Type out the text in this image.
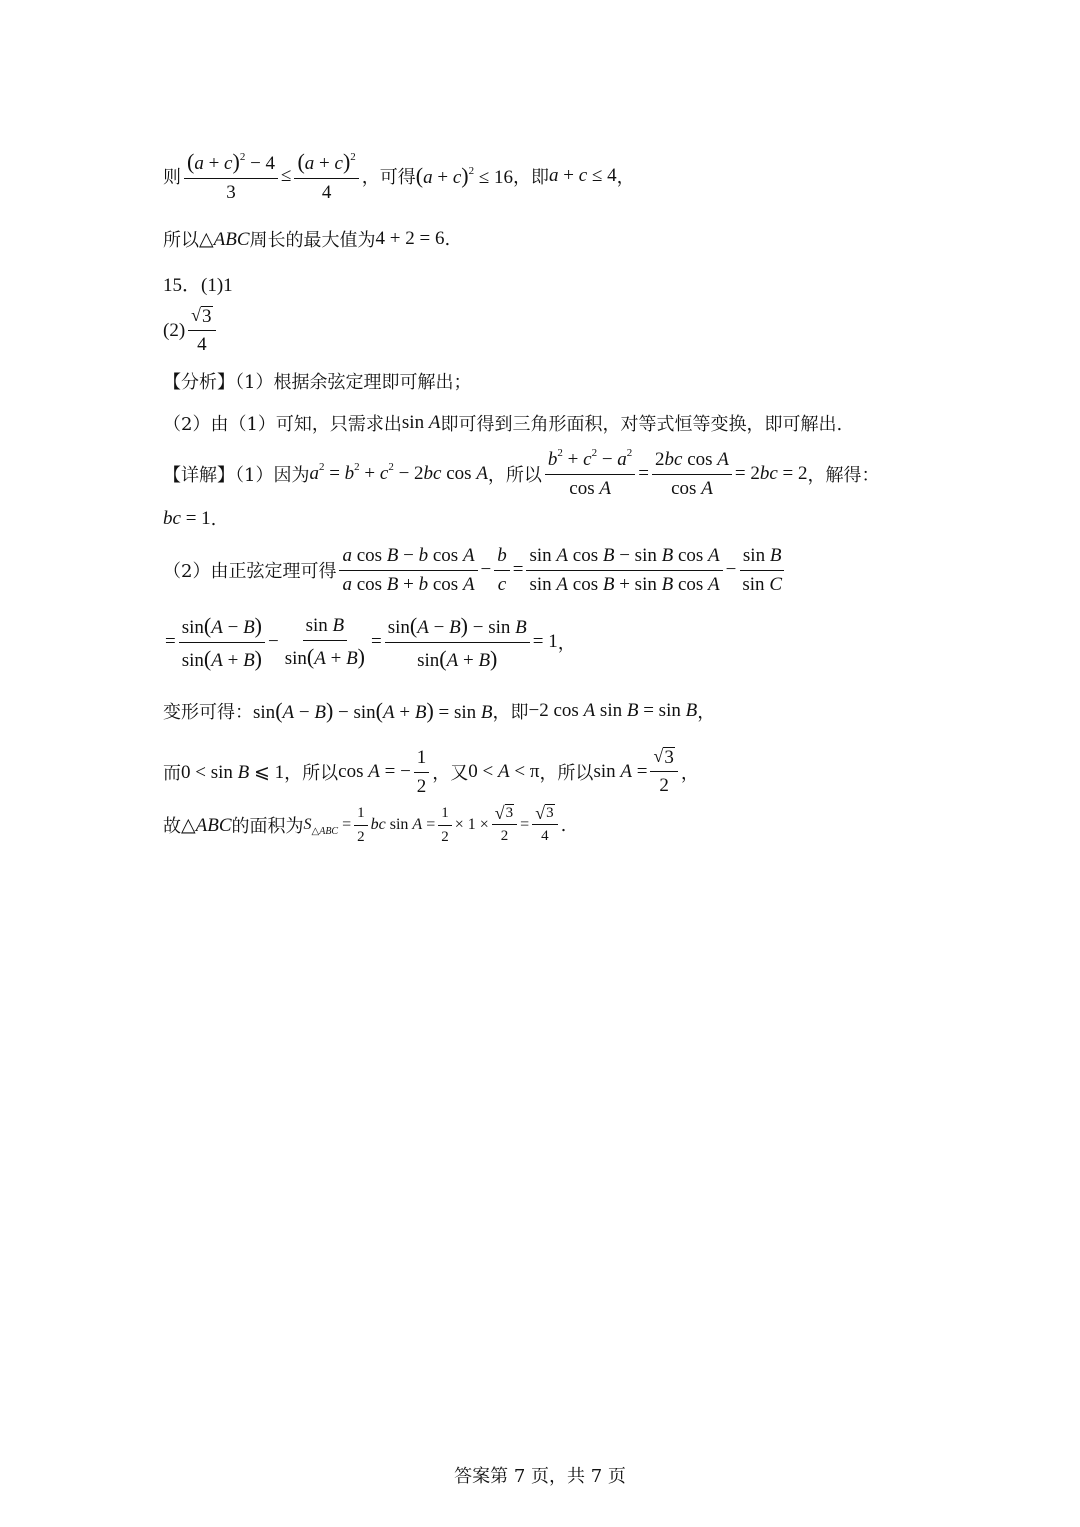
则 $\frac{(a + c)^2 - 4}{3} \le \frac{(a + c)^2}{4}$ ，可得 $(a + c)^2 \le 16$ ，即 a + c ≤ 4 ，
所以 △ABC 周长的最大值为 4 + 2 = 6 .
15．(1)1
$(2) \frac{√ 3}{4}$
【分析】（1）根据余弦定理即可解出；
（2）由（1）可知，只需求出 sin A 即可得到三角形面积，对等式恒等变换，即可解出.
【详解】（1）因为 $a^2 = b^2 + c^2 - 2bc$ cos A ，所以 $\frac{b^2 + c^2 - a^2}{\text{cos A}} = \frac{\text{2bc cos A}}{\text{cos A}} = 2bc = 2$ ，解得：
bc = 1 .
（2）由正弦定理可得 $\frac{\text{a cos B − b cos A}}{\text{a cos B + b cos A}} - \frac{b}{c} = \frac{\text{sin A cos B − sin B cos A}}{\text{sin A cos B + sin B cos A}} - \frac{\text{sin B}}{\text{sin C}}$
= $\frac{\sin(A - B)}{\sin(A + B)} - \frac{\text{sin B}}{\sin(A + B)} = \frac{\text{sin(A − B) − sin B}}{\sin(A + B)} = 1$ ，
变形可得： sin(A − B) − sin(A + B) = sin B ，即 −2 cos A sin B = sin B ，
而 0 < sin B ⩽ 1 ，所以 cos A = − $\frac{1}{2}$ ，又 0 < A < π ，所以 $\sin A = \frac{√ 3}{2}$ ，
故 △ABC 的面积为 $S_{\triangle ABC} = \frac{1}{2}$ bc $\sin A = \frac{1}{2} \times 1 \times \frac{√ 3}{2} = \frac{√ 3}{4}$ .
答案第 7 页，共 7 页
